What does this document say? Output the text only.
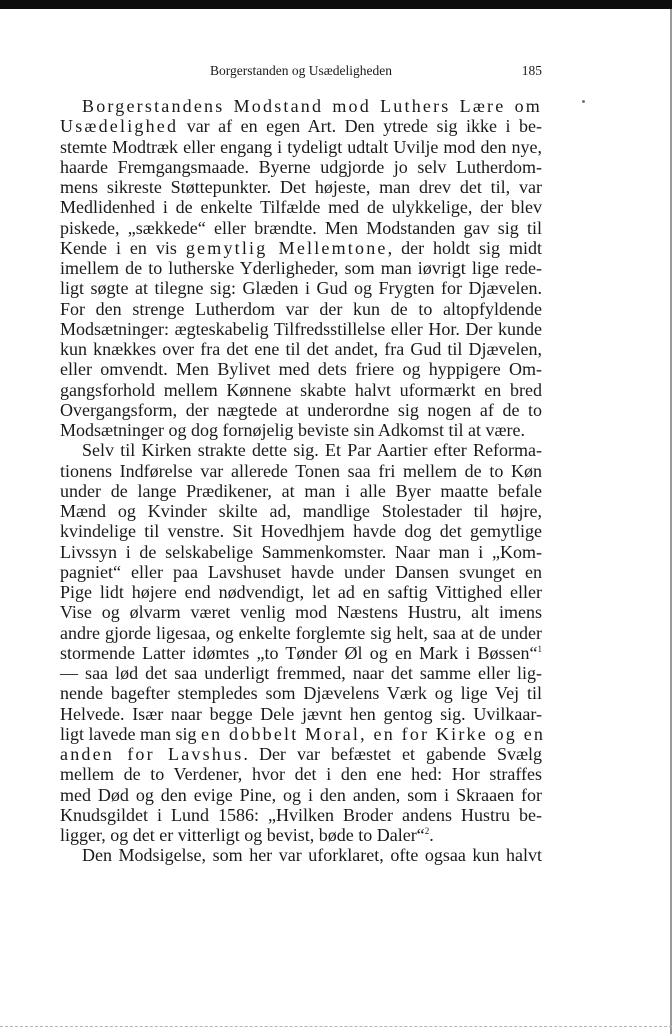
Borgerstanden og Usædeligheden	185
Borgerstandens Modstand mod Luthers Lære om
Usædelighed var af en egen Art. Den ytrede sig ikke i be-
stemte Modtræk eller engang i tydeligt udtalt Uvilje mod den nye,
haarde Fremgangsmaade. Byerne udgjorde jo selv Lutherdom-
mens sikreste Støttepunkter. Det højeste, man drev det til, var
Medlidenhed i de enkelte Tilfælde med de ulykkelige, der blev
piskede, „sækkede“ eller brændte. Men Modstanden gav sig til
Kende i en vis gemytlig Mellemtone, der holdt sig midt
imellem de to lutherske Yderligheder, som man iøvrigt lige rede-
ligt søgte at tilegne sig: Glæden i Gud og Frygten for Djævelen.
For den strenge Lutherdom var der kun de to altopfyldende
Modsætninger: ægteskabelig Tilfredsstillelse eller Hor. Der kunde
kun knækkes over fra det ene til det andet, fra Gud til Djævelen,
eller omvendt. Men Bylivet med dets friere og hyppigere Om-
gangsforhold mellem Kønnene skabte halvt uformærkt en bred
Overgangsform, der nægtede at underordne sig nogen af de to
Modsætninger og dog fornøjelig beviste sin Adkomst til at være.
Selv til Kirken strakte dette sig. Et Par Aartier efter Reforma-
tionens Indførelse var allerede Tonen saa fri mellem de to Køn
under de lange Prædikener, at man i alle Byer maatte befale
Mænd og Kvinder skilte ad, mandlige Stolestader til højre,
kvindelige til venstre. Sit Hovedhjem havde dog det gemytlige
Livssyn i de selskabelige Sammenkomster. Naar man i „Kom-
pagniet“ eller paa Lavshuset havde under Dansen svunget en
Pige lidt højere end nødvendigt, let ad en saftig Vittighed eller
Vise og ølvarm været venlig mod Næstens Hustru, alt imens
andre gjorde ligesaa, og enkelte forglemte sig helt, saa at de under
stormende Latter idømtes „to Tønder Øl og en Mark i Bøssen“$^1$
— saa lød det saa underligt fremmed, naar det samme eller lig-
nende bagefter stempledes som Djævelens Værk og lige Vej til
Helvede. Især naar begge Dele jævnt hen gentog sig. Uvilkaar-
ligt lavede man sig en dobbelt Moral, en for Kirke og en
anden for Lavshus. Der var befæstet et gabende Svælg
mellem de to Verdener, hvor det i den ene hed: Hor straffes
med Død og den evige Pine, og i den anden, som i Skraaen for
Knudsgildet i Lund 1586: „Hvilken Broder andens Hustru be-
ligger, og det er vitterligt og bevist, bøde to Daler“$^2$.
Den Modsigelse, som her var uforklaret, ofte ogsaa kun halvt
